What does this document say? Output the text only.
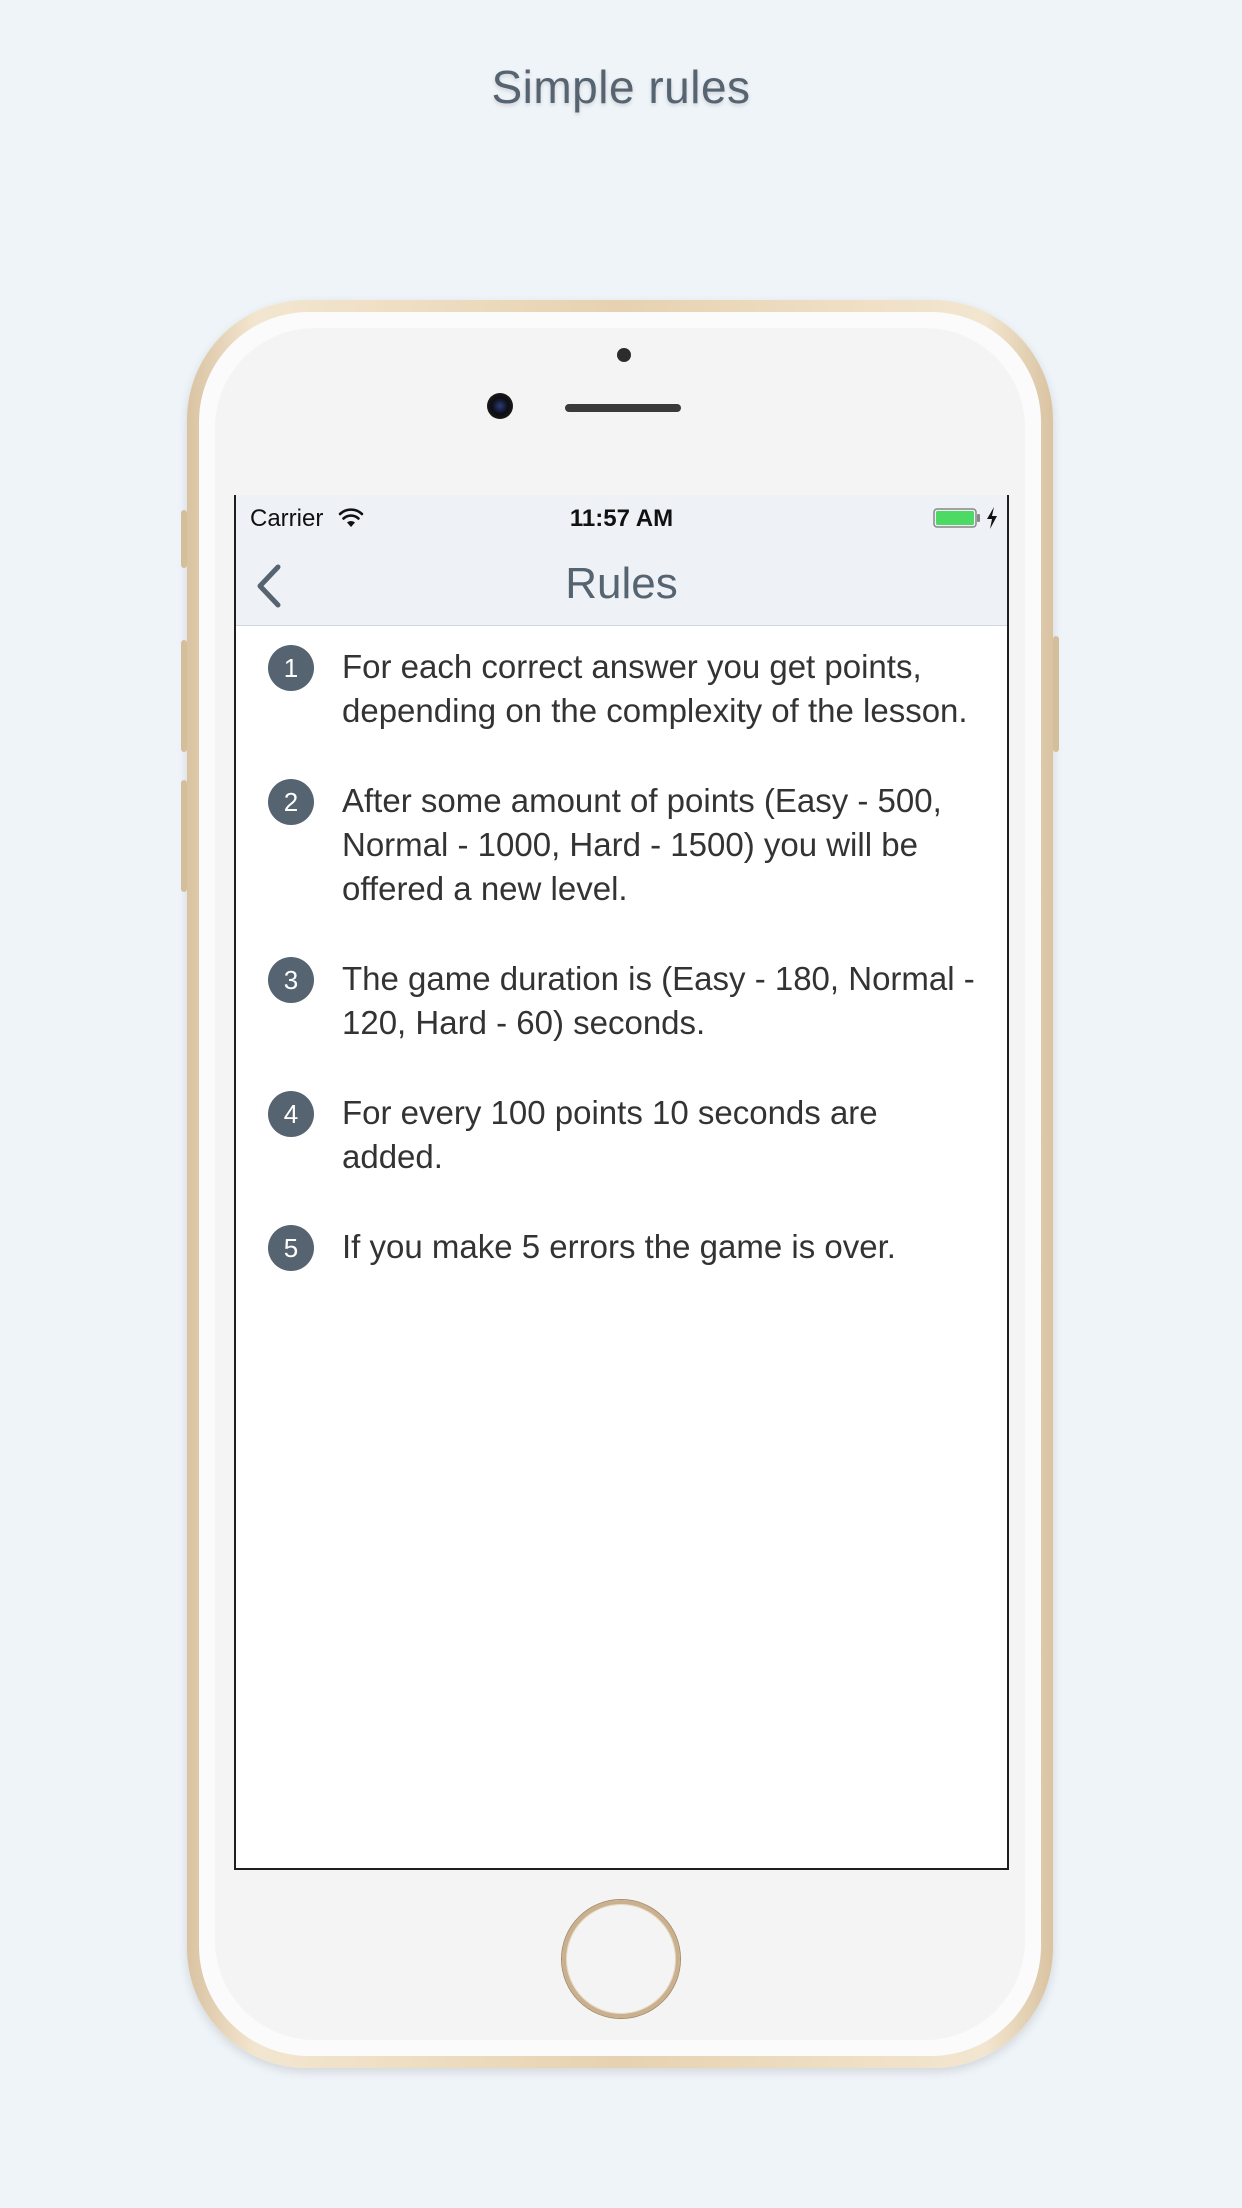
Simple rules
Carrier	11:57 AM
Rules
1	For each correct answer you get points, depending on the complexity of the lesson.
2	After some amount of points (Easy - 500, Normal - 1000, Hard - 1500) you will be offered a new level.
3	The game duration is (Easy - 180, Normal - 120, Hard - 60) seconds.
4	For every 100 points 10 seconds are added.
5	If you make 5 errors the game is over.
